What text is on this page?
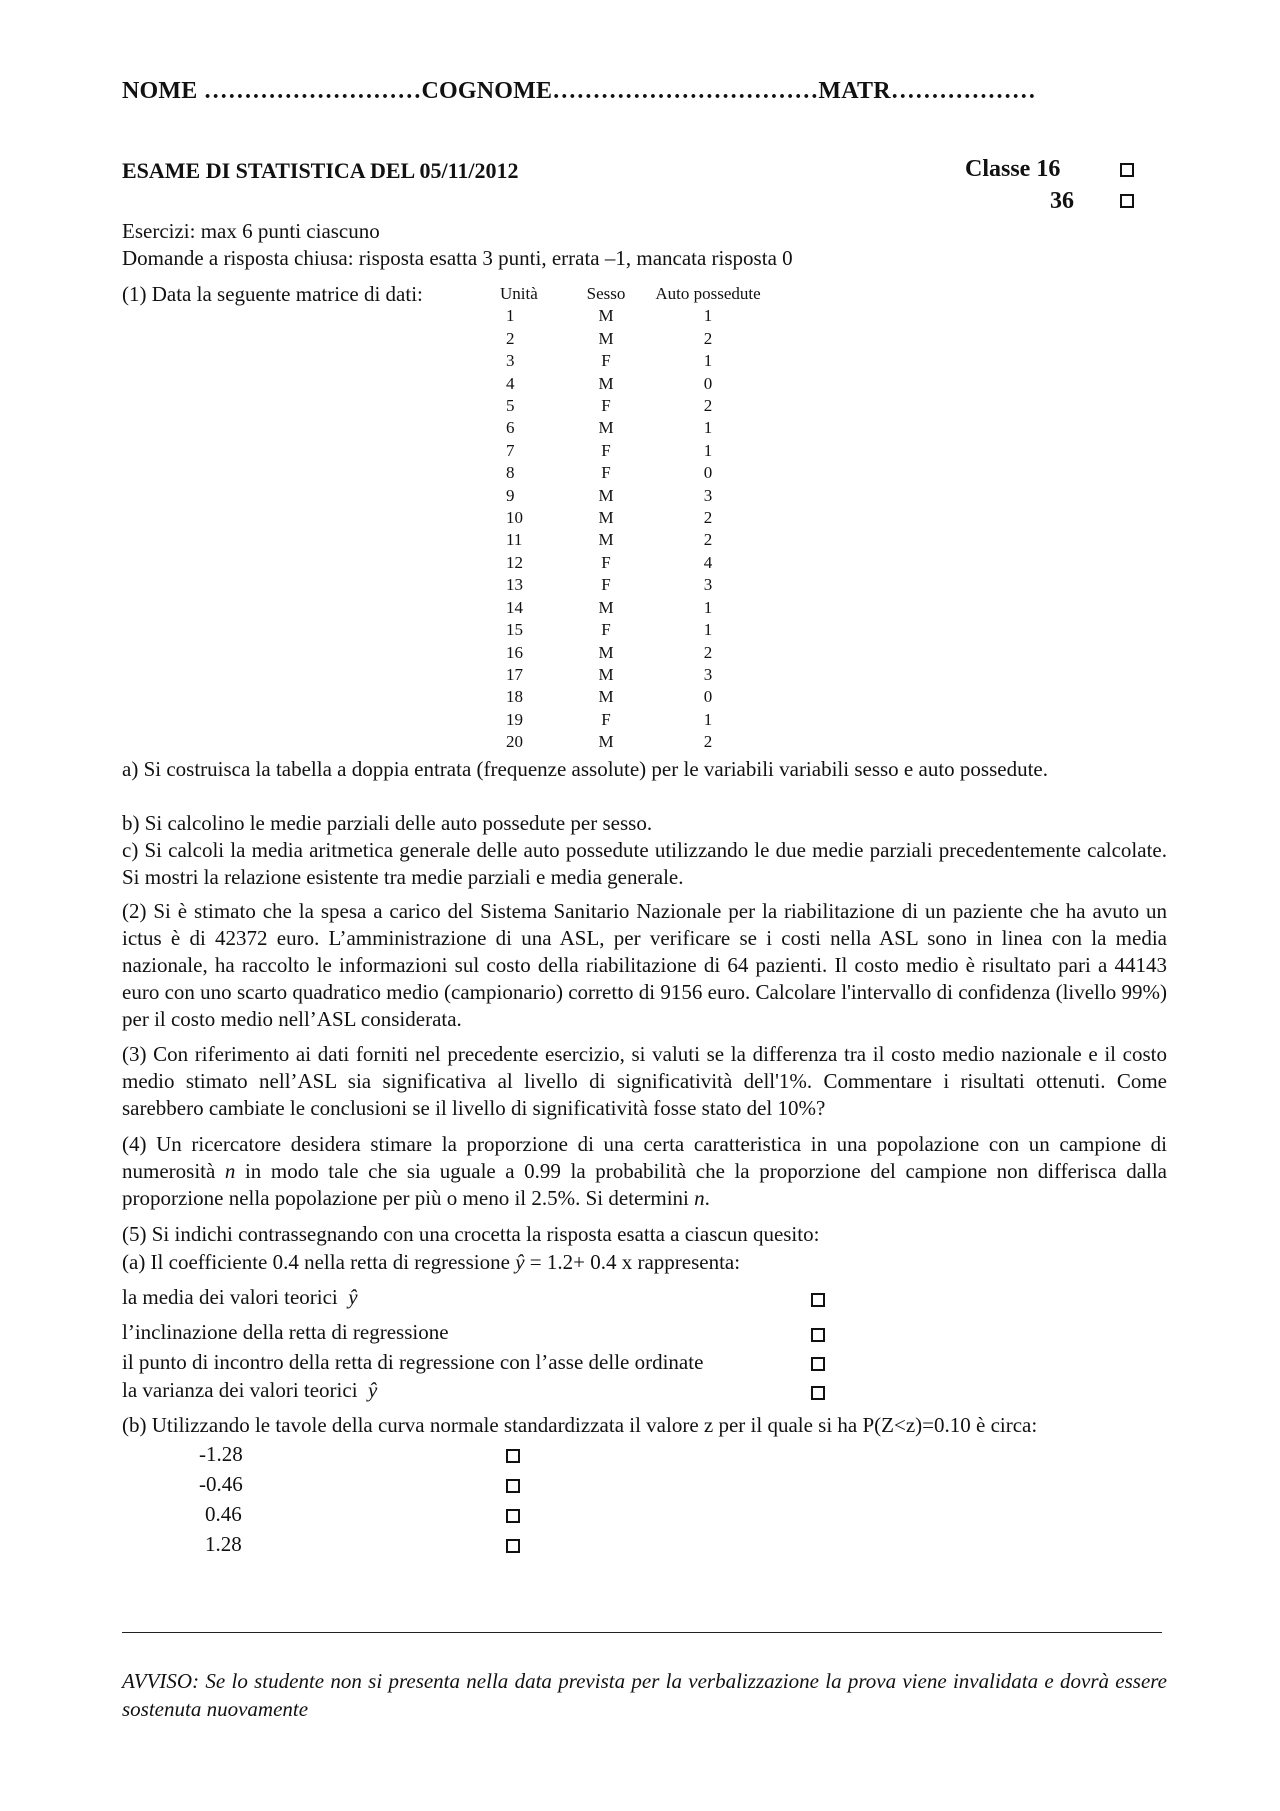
NOME ………………………COGNOME……………………………MATR………………
ESAME DI STATISTICA DEL 05/11/2012	Classe 16
36
Esercizi: max 6 punti ciascuno
Domande a risposta chiusa: risposta esatta 3 punti, errata –1, mancata risposta 0
(1) Data la seguente matrice di dati:	Unità	Sesso	Auto possedute
1	M	1
2	M	2
3	F	1
4	M	0
5	F	2
6	M	1
7	F	1
8	F	0
9	M	3
10	M	2
11	M	2
12	F	4
13	F	3
14	M	1
15	F	1
16	M	2
17	M	3
18	M	0
19	F	1
20	M	2
a) Si costruisca la tabella a doppia entrata (frequenze assolute) per le variabili variabili sesso e auto possedute.
b) Si calcolino le medie parziali delle auto possedute per sesso.
c) Si calcoli la media aritmetica generale delle auto possedute utilizzando le due medie parziali precedentemente calcolate. Si mostri la relazione esistente tra medie parziali e media generale.
(2) Si è stimato che la spesa a carico del Sistema Sanitario Nazionale per la riabilitazione di un paziente che ha avuto un ictus è di 42372 euro. L’amministrazione di una ASL, per verificare se i costi nella ASL sono in linea con la media nazionale, ha raccolto le informazioni sul costo della riabilitazione di 64 pazienti. Il costo medio è risultato pari a 44143 euro con uno scarto quadratico medio (campionario) corretto di 9156 euro. Calcolare l'intervallo di confidenza (livello 99%) per il costo medio nell’ASL considerata.
(3) Con riferimento ai dati forniti nel precedente esercizio, si valuti se la differenza tra il costo medio nazionale e il costo medio stimato nell’ASL sia significativa al livello di significatività dell'1%. Commentare i risultati ottenuti. Come sarebbero cambiate le conclusioni se il livello di significatività fosse stato del 10%?
(4) Un ricercatore desidera stimare la proporzione di una certa caratteristica in una popolazione con un campione di numerosità n in modo tale che sia uguale a 0.99 la probabilità che la proporzione del campione non differisca dalla proporzione nella popolazione per più o meno il 2.5%. Si determini n.
(5) Si indichi contrassegnando con una crocetta la risposta esatta a ciascun quesito:
(a) Il coefficiente 0.4 nella retta di regressione ŷ = 1.2+ 0.4 x rappresenta:
la media dei valori teorici ŷ
l’inclinazione della retta di regressione
il punto di incontro della retta di regressione con l’asse delle ordinate
la varianza dei valori teorici ŷ
(b) Utilizzando le tavole della curva normale standardizzata il valore z per il quale si ha P(Z<z)=0.10 è circa:
-1.28
-0.46
0.46
1.28
AVVISO: Se lo studente non si presenta nella data prevista per la verbalizzazione la prova viene invalidata e dovrà essere sostenuta nuovamente
